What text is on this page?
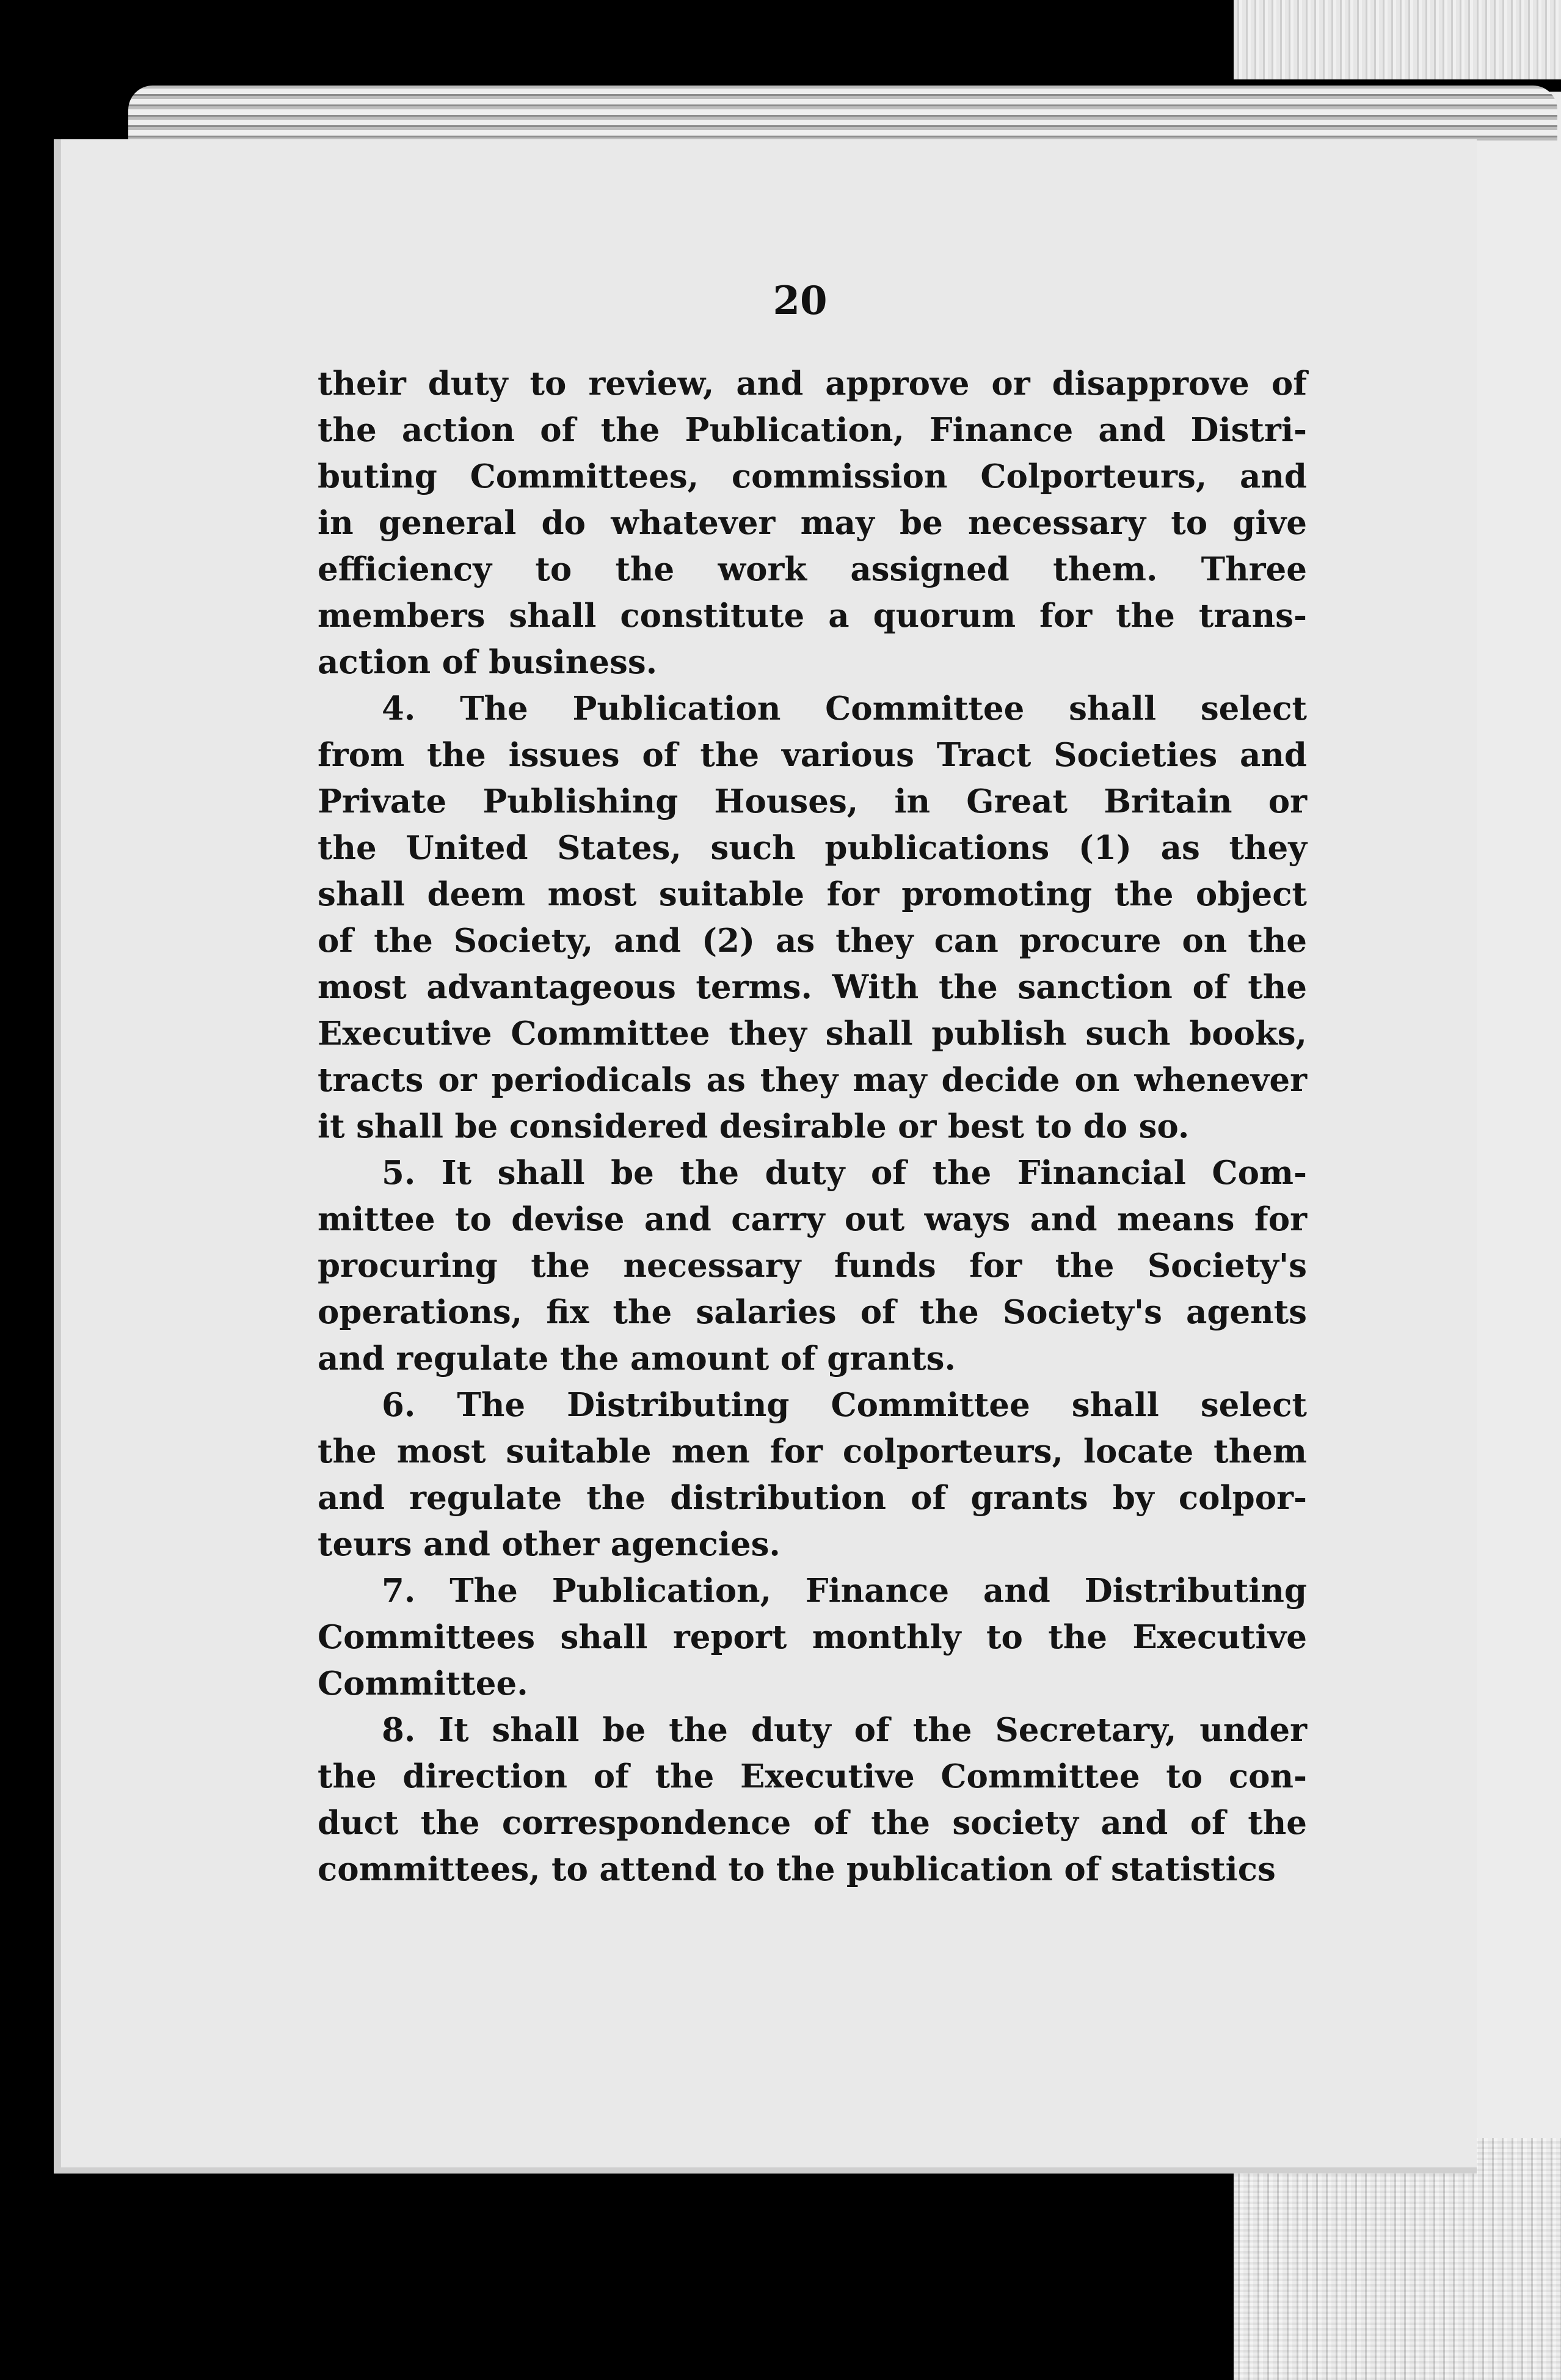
20
their duty to review, and approve or disapprove of
the action of the Publication, Finance and Distri-
buting Committees, commission Colporteurs, and
in general do whatever may be necessary to give
efficiency to the work assigned them. Three
members shall constitute a quorum for the trans-
action of business.
4. The Publication Committee shall select
from the issues of the various Tract Societies and
Private Publishing Houses, in Great Britain or
the United States, such publications (1) as they
shall deem most suitable for promoting the object
of the Society, and (2) as they can procure on the
most advantageous terms. With the sanction of the
Executive Committee they shall publish such books,
tracts or periodicals as they may decide on whenever
it shall be considered desirable or best to do so.
5. It shall be the duty of the Financial Com-
mittee to devise and carry out ways and means for
procuring the necessary funds for the Society's
operations, fix the salaries of the Society's agents
and regulate the amount of grants.
6. The Distributing Committee shall select
the most suitable men for colporteurs, locate them
and regulate the distribution of grants by colpor-
teurs and other agencies.
7. The Publication, Finance and Distributing
Committees shall report monthly to the Executive
Committee.
8. It shall be the duty of the Secretary, under
the direction of the Executive Committee to con-
duct the correspondence of the society and of the
committees, to attend to the publication of statistics
